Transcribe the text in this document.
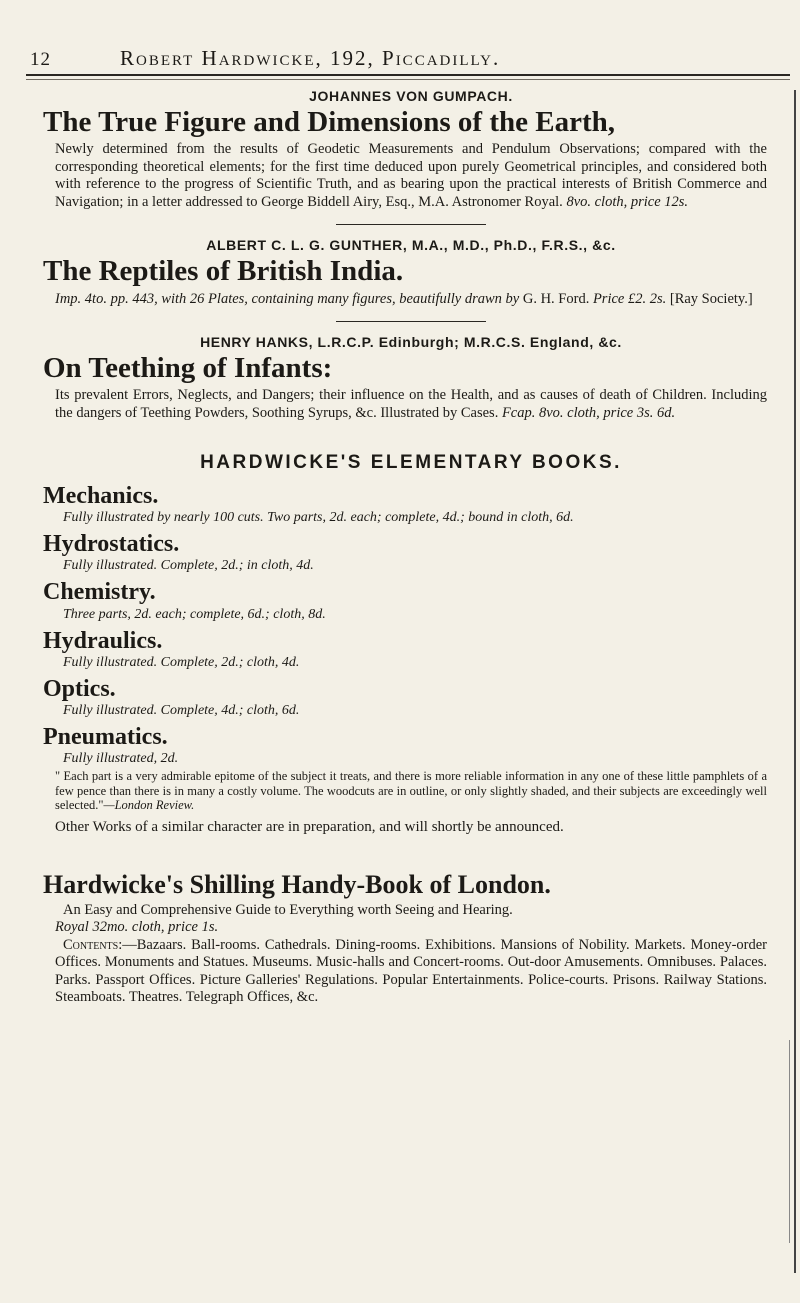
12	Robert Hardwicke, 192, Piccadilly.

JOHANNES VON GUMPACH.

The True Figure and Dimensions of the Earth,

Newly determined from the results of Geodetic Measurements and Pendulum Observations; compared with the corresponding theoretical elements; for the first time deduced upon purely Geometrical principles, and considered both with reference to the progress of Scientific Truth, and as bearing upon the practical interests of British Commerce and Navigation; in a letter addressed to George Biddell Airy, Esq., M.A. Astronomer Royal. 8vo. cloth, price 12s.

ALBERT C. L. G. GUNTHER, M.A., M.D., Ph.D., F.R.S., &c.

The Reptiles of British India.

Imp. 4to. pp. 443, with 26 Plates, containing many figures, beautifully drawn by G. H. Ford. Price £2. 2s. [Ray Society.]

HENRY HANKS, L.R.C.P. Edinburgh; M.R.C.S. England, &c.

On Teething of Infants:

Its prevalent Errors, Neglects, and Dangers; their influence on the Health, and as causes of death of Children. Including the dangers of Teething Powders, Soothing Syrups, &c. Illustrated by Cases. Fcap. 8vo. cloth, price 3s. 6d.

HARDWICKE'S ELEMENTARY BOOKS.
Mechanics.

Fully illustrated by nearly 100 cuts. Two parts, 2d. each; complete, 4d.; bound in cloth, 6d.

Hydrostatics.

Fully illustrated. Complete, 2d.; in cloth, 4d.

Chemistry.

Three parts, 2d. each; complete, 6d.; cloth, 8d.

Hydraulics.

Fully illustrated. Complete, 2d.; cloth, 4d.

Optics.

Fully illustrated. Complete, 4d.; cloth, 6d.

Pneumatics.

Fully illustrated, 2d.

" Each part is a very admirable epitome of the subject it treats, and there is more reliable information in any one of these little pamphlets of a few pence than there is in many a costly volume. The woodcuts are in outline, or only slightly shaded, and their subjects are exceedingly well selected."—London Review.

Other Works of a similar character are in preparation, and will shortly be announced.

Hardwicke's Shilling Handy-Book of London.

An Easy and Comprehensive Guide to Everything worth Seeing and Hearing.

Royal 32mo. cloth, price 1s.

Contents:—Bazaars. Ball-rooms. Cathedrals. Dining-rooms. Exhibitions. Mansions of Nobility. Markets. Money-order Offices. Monuments and Statues. Museums. Music-halls and Concert-rooms. Out-door Amusements. Omnibuses. Palaces. Parks. Passport Offices. Picture Galleries' Regulations. Popular Entertainments. Police-courts. Prisons. Railway Stations. Steamboats. Theatres. Telegraph Offices, &c.
